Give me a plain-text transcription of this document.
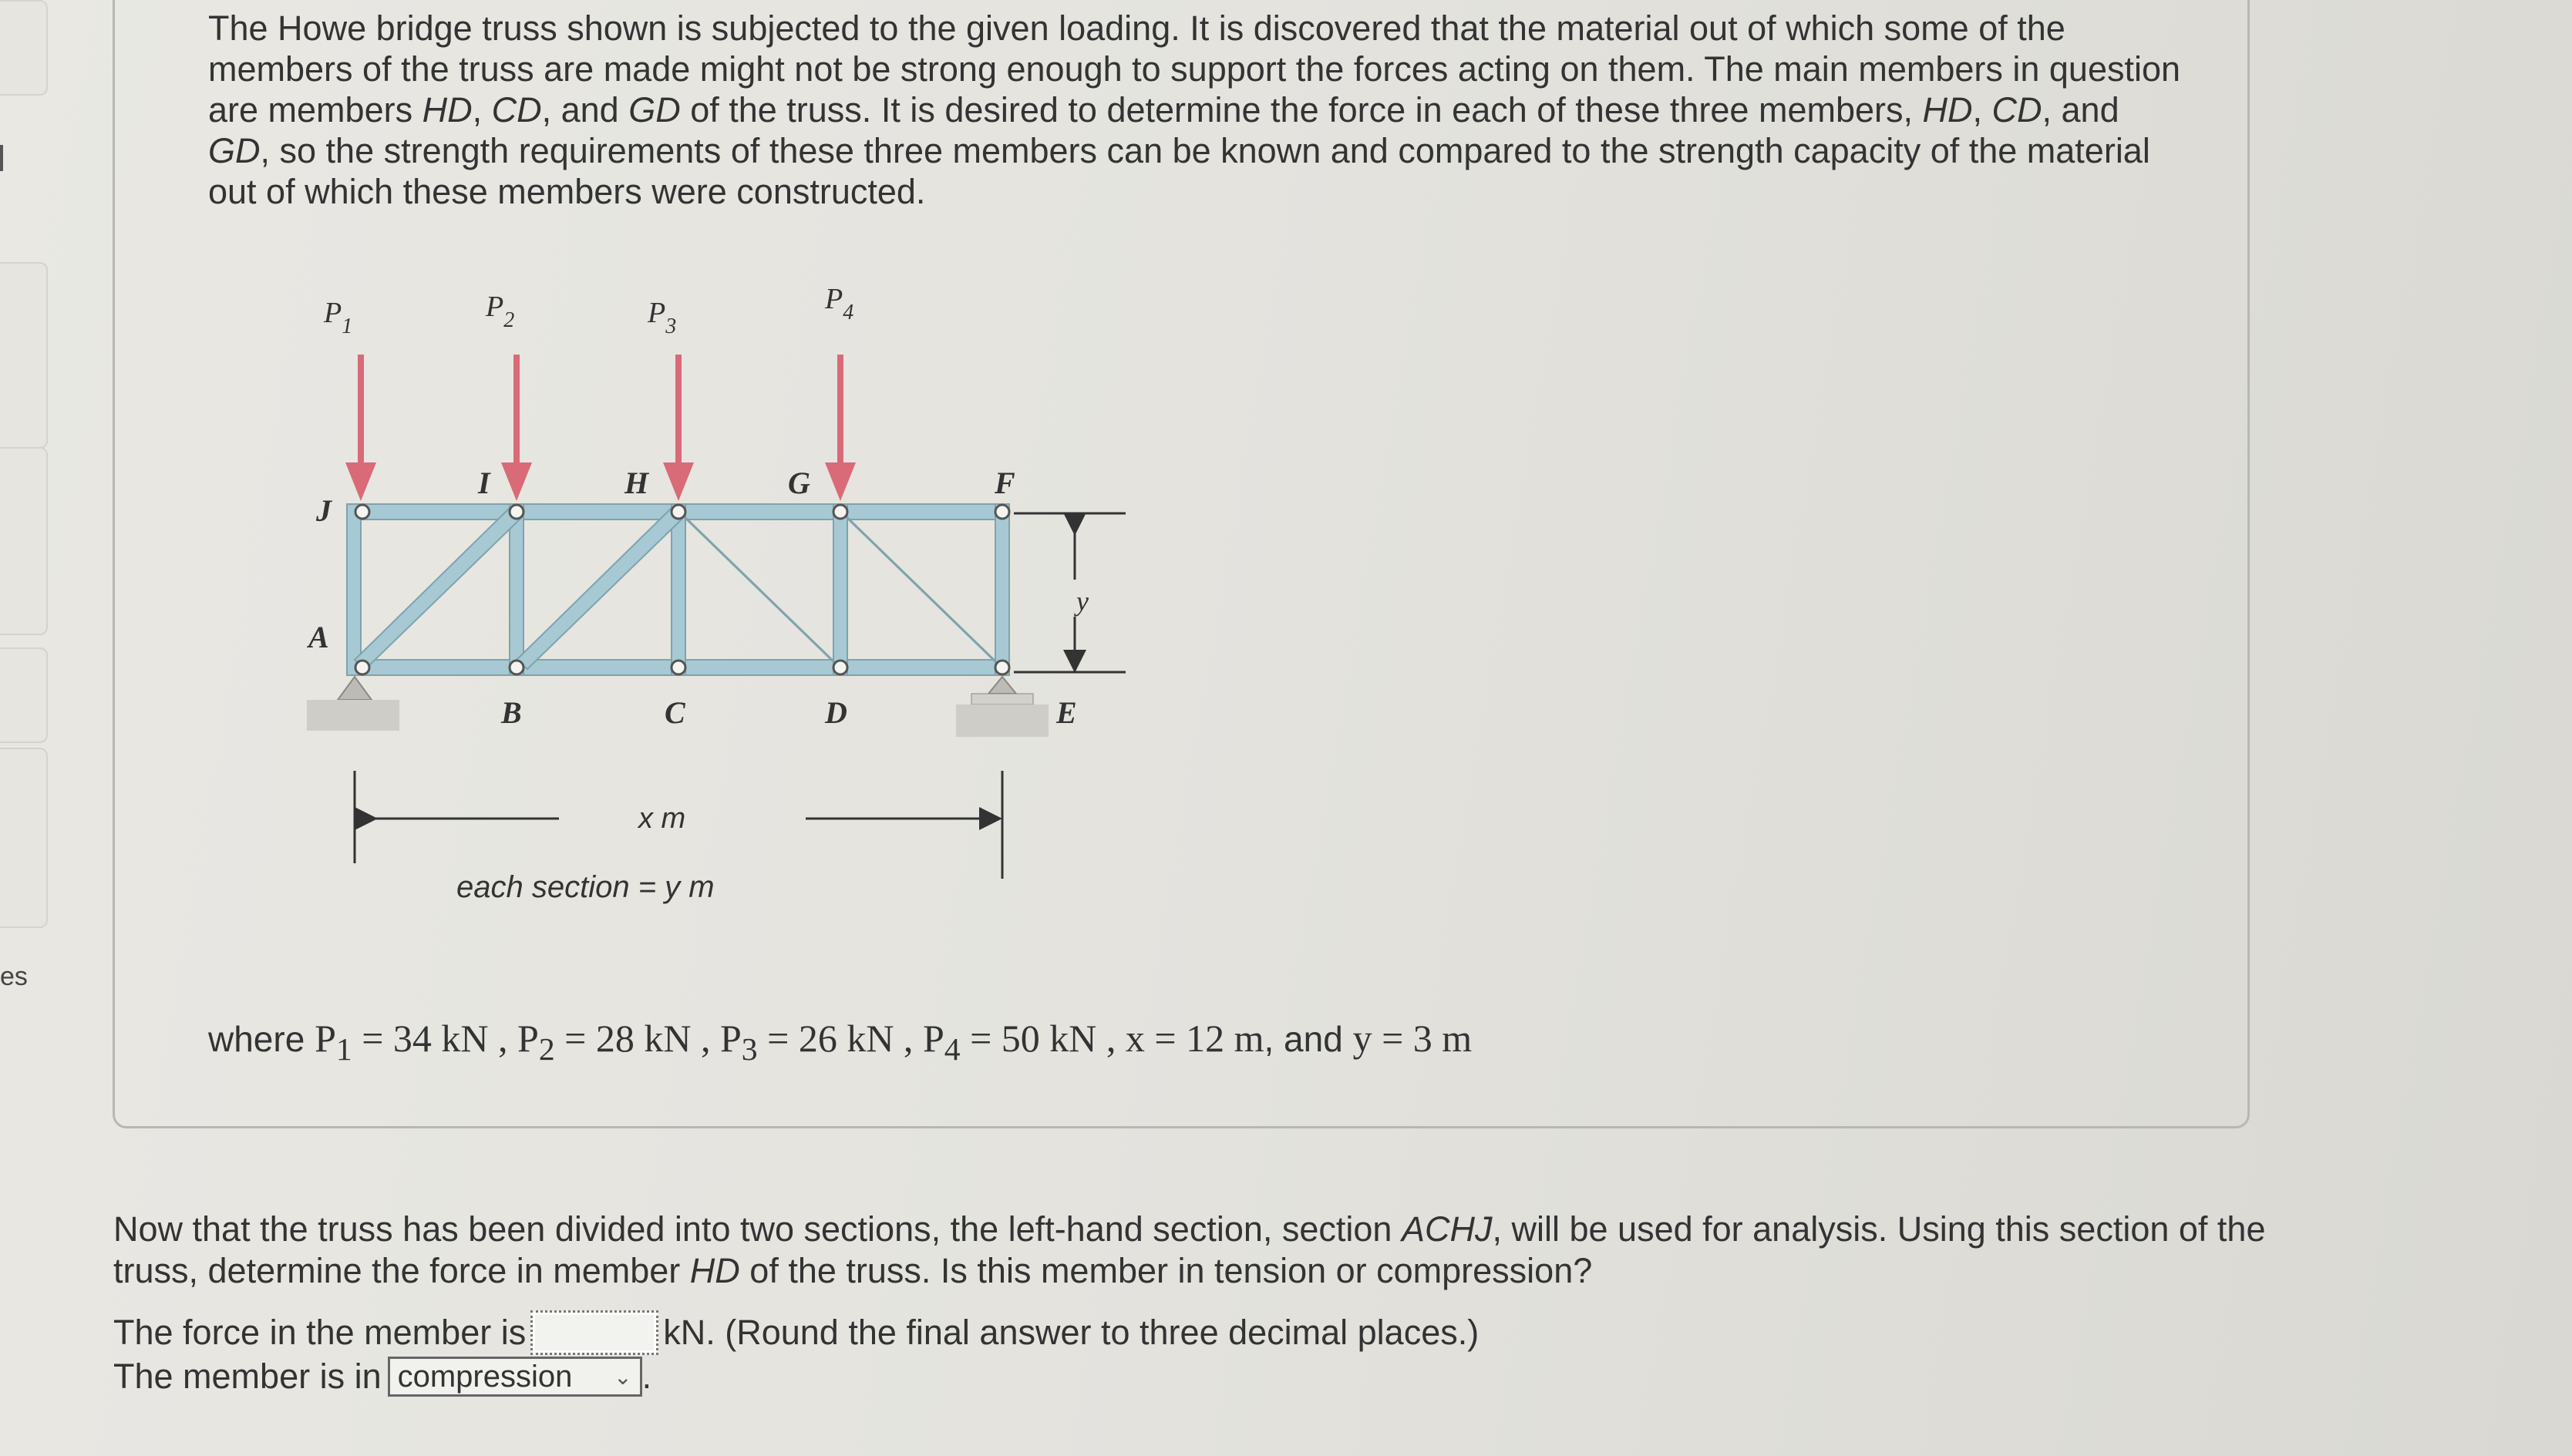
es
The Howe bridge truss shown is subjected to the given loading. It is discovered that the material out of which some of the members of the truss are made might not be strong enough to support the forces acting on them. The main members in question are members HD, CD, and GD of the truss. It is desired to determine the force in each of these three members, HD, CD, and GD, so the strength requirements of these three members can be known and compared to the strength capacity of the material out of which these members were constructed.
$P_1$
$P_2$	$P_3$
$P_4$
J
I	H	G	F
A
B	C	D	E
y
x m
each section = y m
where $P_1 = 34$ kN , $P_2 = 28$ kN , $P_3 = 26$ kN , $P_4 = 50$ kN , x = 12 m, and y = 3 m
Now that the truss has been divided into two sections, the left-hand section, section ACHJ, will be used for analysis. Using this section of the truss, determine the force in member HD of the truss. Is this member in tension or compression?
The force in the member is	kN. (Round the final answer to three decimal places.)
The member is in compression ⌄ .
